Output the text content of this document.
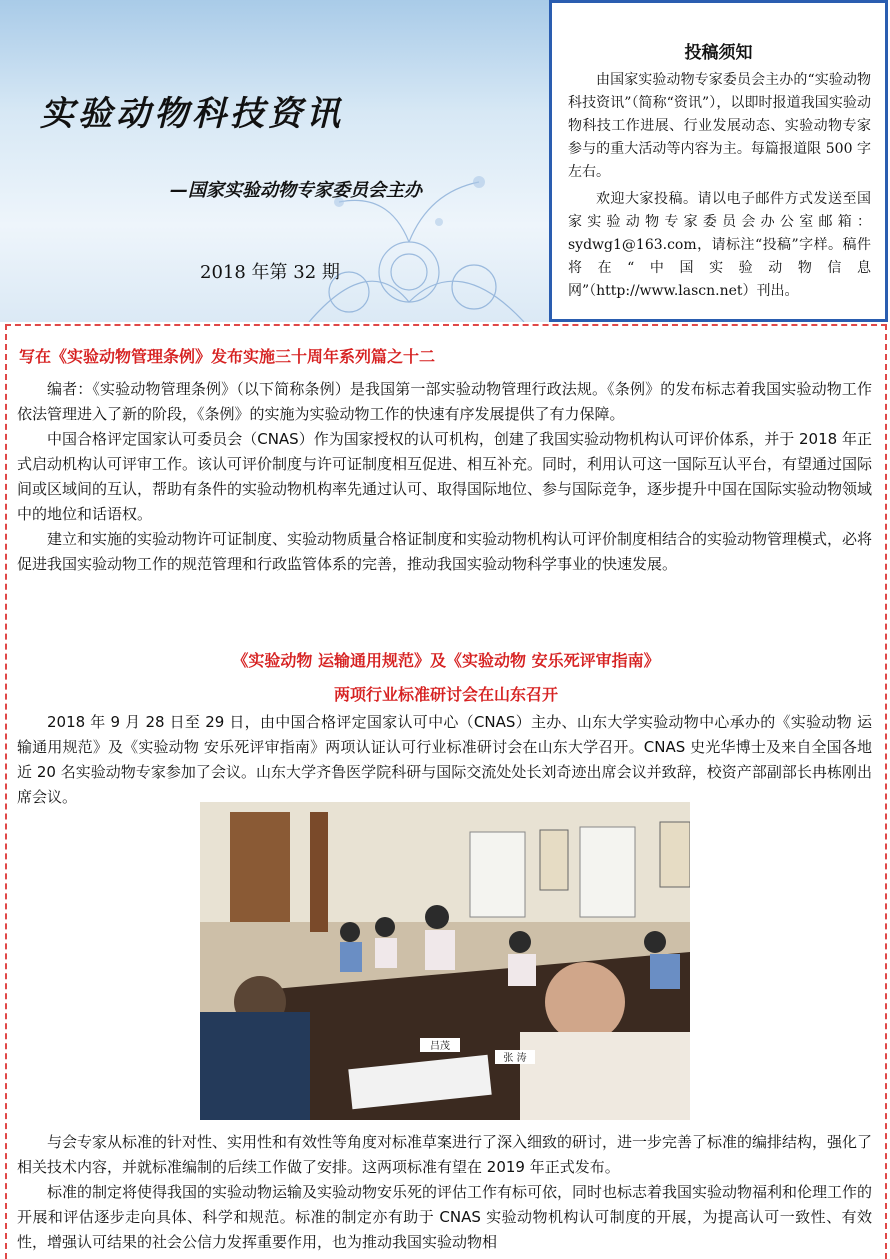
实验动物科技资讯
—国家实验动物专家委员会主办
2018 年第 32 期
投稿须知

由国家实验动物专家委员会主办的“实验动物科技资讯”（简称“资讯”），以即时报道我国实验动物科技工作进展、行业发展动态、实验动物专家参与的重大活动等内容为主。每篇报道限 500 字左右。

欢迎大家投稿。请以电子邮件方式发送至国家实验动物专家委员会办公室邮箱：sydwg1@163.com，请标注“投稿”字样。稿件将在“中国实验动物信息网”（http://www.lascn.net）刊出。

写在《实验动物管理条例》发布实施三十周年系列篇之十二

编者：《实验动物管理条例》（以下简称条例）是我国第一部实验动物管理行政法规。《条例》的发布标志着我国实验动物工作依法管理进入了新的阶段，《条例》的实施为实验动物工作的快速有序发展提供了有力保障。

中国合格评定国家认可委员会（CNAS）作为国家授权的认可机构，创建了我国实验动物机构认可评价体系，并于 2018 年正式启动机构认可评审工作。该认可评价制度与许可证制度相互促进、相互补充。同时，利用认可这一国际互认平台，有望通过国际间或区域间的互认，帮助有条件的实验动物机构率先通过认可、取得国际地位、参与国际竞争，逐步提升中国在国际实验动物领域中的地位和话语权。

建立和实施的实验动物许可证制度、实验动物质量合格证制度和实验动物机构认可评价制度相结合的实验动物管理模式，必将促进我国实验动物工作的规范管理和行政监管体系的完善，推动我国实验动物科学事业的快速发展。

《实验动物 运输通用规范》及《实验动物 安乐死评审指南》
两项行业标准研讨会在山东召开

2018 年 9 月 28 日至 29 日，由中国合格评定国家认可中心（CNAS）主办、山东大学实验动物中心承办的《实验动物 运输通用规范》及《实验动物 安乐死评审指南》两项认证认可行业标准研讨会在山东大学召开。CNAS 史光华博士及来自全国各地近 20 名实验动物专家参加了会议。山东大学齐鲁医学院科研与国际交流处处长刘奇迹出席会议并致辞，校资产部副部长冉栋刚出席会议。

吕茂
张 涛

与会专家从标准的针对性、实用性和有效性等角度对标准草案进行了深入细致的研讨，进一步完善了标准的编排结构，强化了相关技术内容，并就标准编制的后续工作做了安排。这两项标准有望在 2019 年正式发布。

标准的制定将使得我国的实验动物运输及实验动物安乐死的评估工作有标可依，同时也标志着我国实验动物福利和伦理工作的开展和评估逐步走向具体、科学和规范。标准的制定亦有助于 CNAS 实验动物机构认可制度的开展，为提高认可一致性、有效性，增强认可结果的社会公信力发挥重要作用，也为推动我国实验动物相
